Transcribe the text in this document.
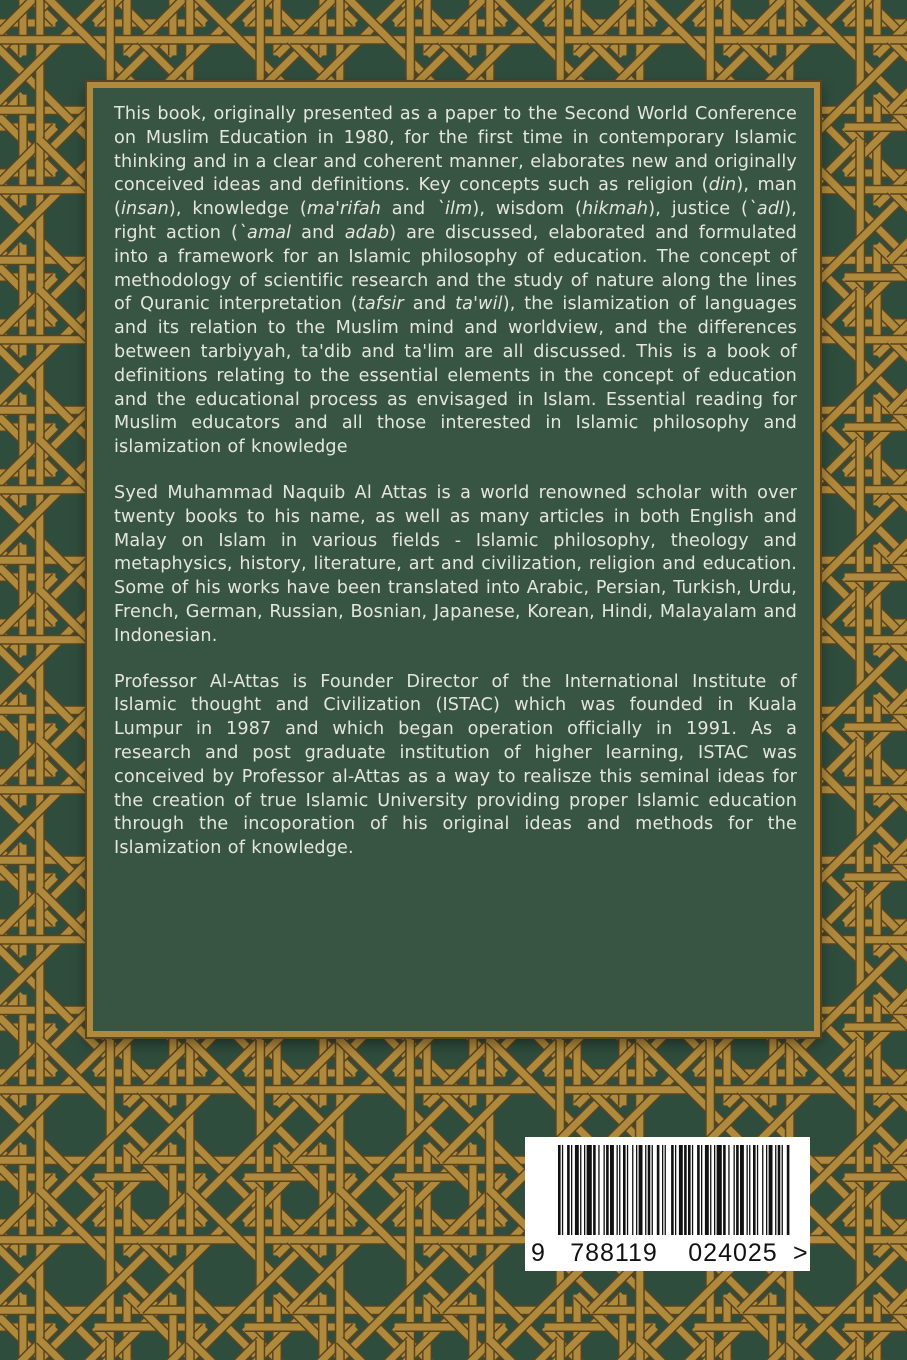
This book, originally presented as a paper to the Second World Conference on Muslim Education in 1980, for the first time in contemporary Islamic thinking and in a clear and coherent manner, elaborates new and originally conceived ideas and definitions. Key concepts such as religion (din), man (insan), knowledge (ma'rifah and `ilm), wisdom (hikmah), justice (`adl), right action (`amal and adab) are discussed, elaborated and formulated into a framework for an Islamic philosophy of education. The concept of methodology of scientific research and the study of nature along the lines of Quranic interpretation (tafsir and ta'wil), the islamization of languages and its relation to the Muslim mind and worldview, and the differences between tarbiyyah, ta'dib and ta'lim are all discussed. This is a book of definitions relating to the essential elements in the concept of education and the educational process as envisaged in Islam. Essential reading for Muslim educators and all those interested in Islamic philosophy and islamization of knowledge

Syed Muhammad Naquib Al Attas is a world renowned scholar with over twenty books to his name, as well as many articles in both English and Malay on Islam in various fields - Islamic philosophy, theology and metaphysics, history, literature, art and civilization, religion and education. Some of his works have been translated into Arabic, Persian, Turkish, Urdu, French, German, Russian, Bosnian, Japanese, Korean, Hindi, Malayalam and Indonesian.

Professor Al-Attas is Founder Director of the International Institute of Islamic thought and Civilization (ISTAC) which was founded in Kuala Lumpur in 1987 and which began operation officially in 1991. As a research and post graduate institution of higher learning, ISTAC was conceived by Professor al-Attas as a way to realisze this seminal ideas for the creation of true Islamic University providing proper Islamic education through the incoporation of his original ideas and methods for the Islamization of knowledge.

9	788119	024025 >
